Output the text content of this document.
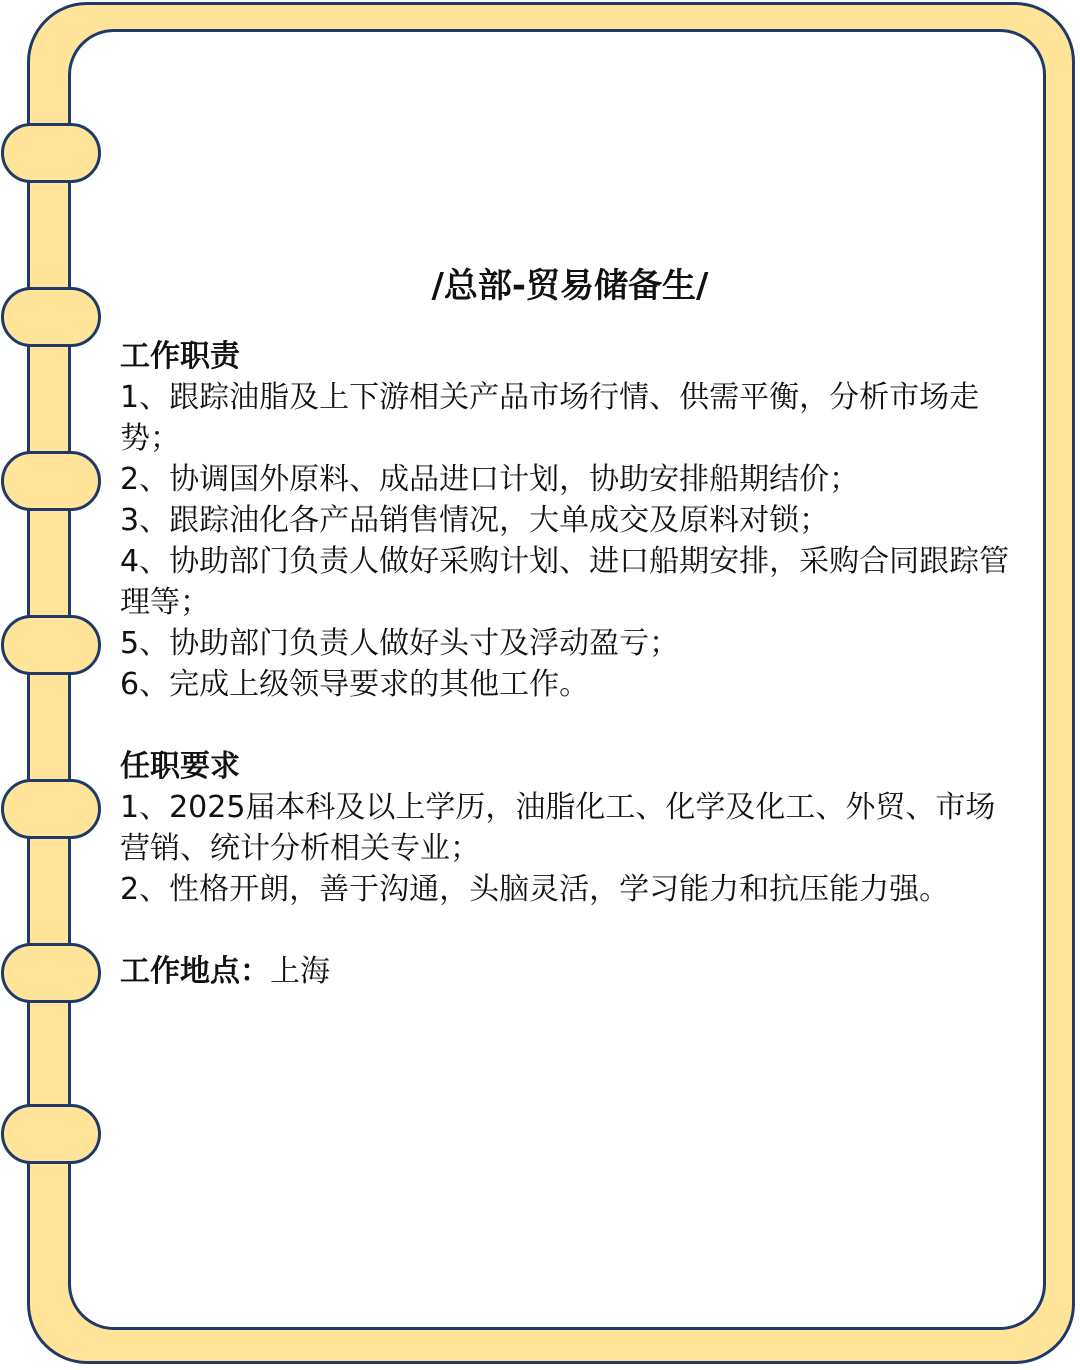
/总部-贸易储备生/
工作职责
1、跟踪油脂及上下游相关产品市场行情、供需平衡，分析市场走势；
2、协调国外原料、成品进口计划，协助安排船期结价；
3、跟踪油化各产品销售情况，大单成交及原料对锁；
4、协助部门负责人做好采购计划、进口船期安排，采购合同跟踪管理等；
5、协助部门负责人做好头寸及浮动盈亏；
6、完成上级领导要求的其他工作。
任职要求
1、2025届本科及以上学历，油脂化工、化学及化工、外贸、市场营销、统计分析相关专业；
2、性格开朗，善于沟通，头脑灵活，学习能力和抗压能力强。
工作地点：上海
